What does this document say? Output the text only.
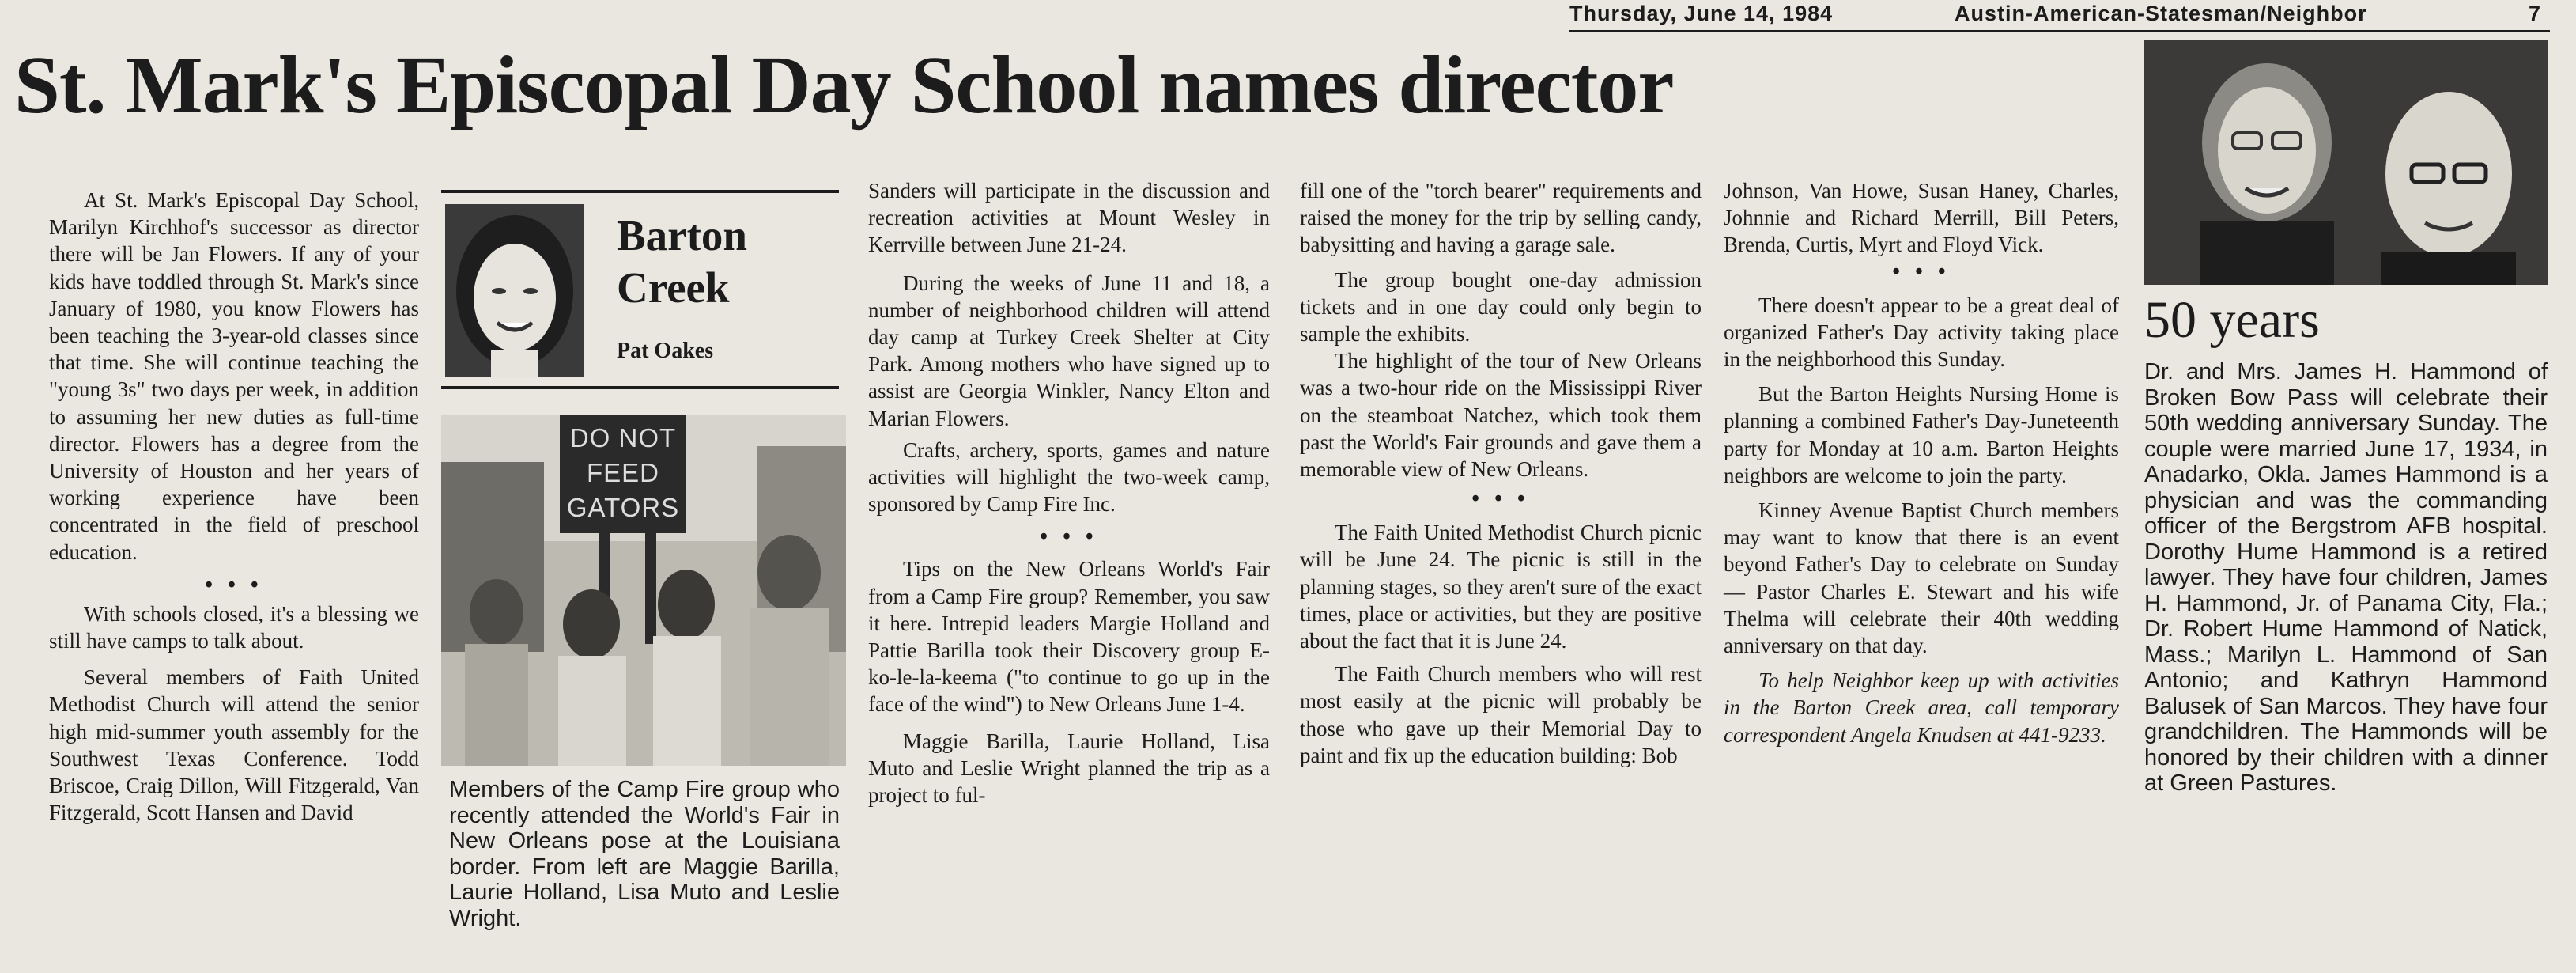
Thursday, June 14, 1984	Austin-American-Statesman/Neighbor	7
St. Mark's Episcopal Day School names director

At St. Mark's Episcopal Day School, Marilyn Kirchhof's successor as director there will be Jan Flowers. If any of your kids have toddled through St. Mark's since January of 1980, you know Flowers has been teaching the 3-year-old classes since that time. She will continue teaching the "young 3s" two days per week, in addition to assuming her new duties as full-time director. Flowers has a degree from the University of Houston and her years of working experience have been concentrated in the field of preschool education.

• • •

With schools closed, it's a blessing we still have camps to talk about.

Several members of Faith United Methodist Church will attend the senior high mid-summer youth assembly for the Southwest Texas Conference. Todd Briscoe, Craig Dillon, Will Fitzgerald, Van Fitzgerald, Scott Hansen and David

Barton
Creek
Pat Oakes
DO NOT
FEED
GATORS

Members of the Camp Fire group who recently attended the World's Fair in New Orleans pose at the Louisiana border. From left are Maggie Barilla, Laurie Holland, Lisa Muto and Leslie Wright.

Sanders will participate in the discussion and recreation activities at Mount Wesley in Kerrville between June 21-24.

During the weeks of June 11 and 18, a number of neighborhood children will attend day camp at Turkey Creek Shelter at City Park. Among mothers who have signed up to assist are Georgia Winkler, Nancy Elton and Marian Flowers.

Crafts, archery, sports, games and nature activities will highlight the two-week camp, sponsored by Camp Fire Inc.

• • •

Tips on the New Orleans World's Fair from a Camp Fire group? Remember, you saw it here. Intrepid leaders Margie Holland and Pattie Barilla took their Discovery group E-ko-le-la-keema ("to continue to go up in the face of the wind") to New Orleans June 1-4.

Maggie Barilla, Laurie Holland, Lisa Muto and Leslie Wright planned the trip as a project to ful-

fill one of the "torch bearer" requirements and raised the money for the trip by selling candy, babysitting and having a garage sale.

The group bought one-day admission tickets and in one day could only begin to sample the exhibits.

The highlight of the tour of New Orleans was a two-hour ride on the Mississippi River on the steamboat Natchez, which took them past the World's Fair grounds and gave them a memorable view of New Orleans.

• • •

The Faith United Methodist Church picnic will be June 24. The picnic is still in the planning stages, so they aren't sure of the exact times, place or activities, but they are positive about the fact that it is June 24.

The Faith Church members who will rest most easily at the picnic will probably be those who gave up their Memorial Day to paint and fix up the education building: Bob

Johnson, Van Howe, Susan Haney, Charles, Johnnie and Richard Merrill, Bill Peters, Brenda, Curtis, Myrt and Floyd Vick.

• • •

There doesn't appear to be a great deal of organized Father's Day activity taking place in the neighborhood this Sunday.

But the Barton Heights Nursing Home is planning a combined Father's Day-Juneteenth party for Monday at 10 a.m. Barton Heights neighbors are welcome to join the party.

Kinney Avenue Baptist Church members may want to know that there is an event beyond Father's Day to celebrate on Sunday — Pastor Charles E. Stewart and his wife Thelma will celebrate their 40th wedding anniversary on that day.

To help Neighbor keep up with activities in the Barton Creek area, call temporary correspondent Angela Knudsen at 441-9233.

50 years

Dr. and Mrs. James H. Hammond of Broken Bow Pass will celebrate their 50th wedding anniversary Sunday. The couple were married June 17, 1934, in Anadarko, Okla. James Hammond is a physician and was the commanding officer of the Bergstrom AFB hospital. Dorothy Hume Hammond is a retired lawyer. They have four children, James H. Hammond, Jr. of Panama City, Fla.; Dr. Robert Hume Hammond of Natick, Mass.; Marilyn L. Hammond of San Antonio; and Kathryn Hammond Balusek of San Marcos. They have four grandchildren. The Hammonds will be honored by their children with a dinner at Green Pastures.
